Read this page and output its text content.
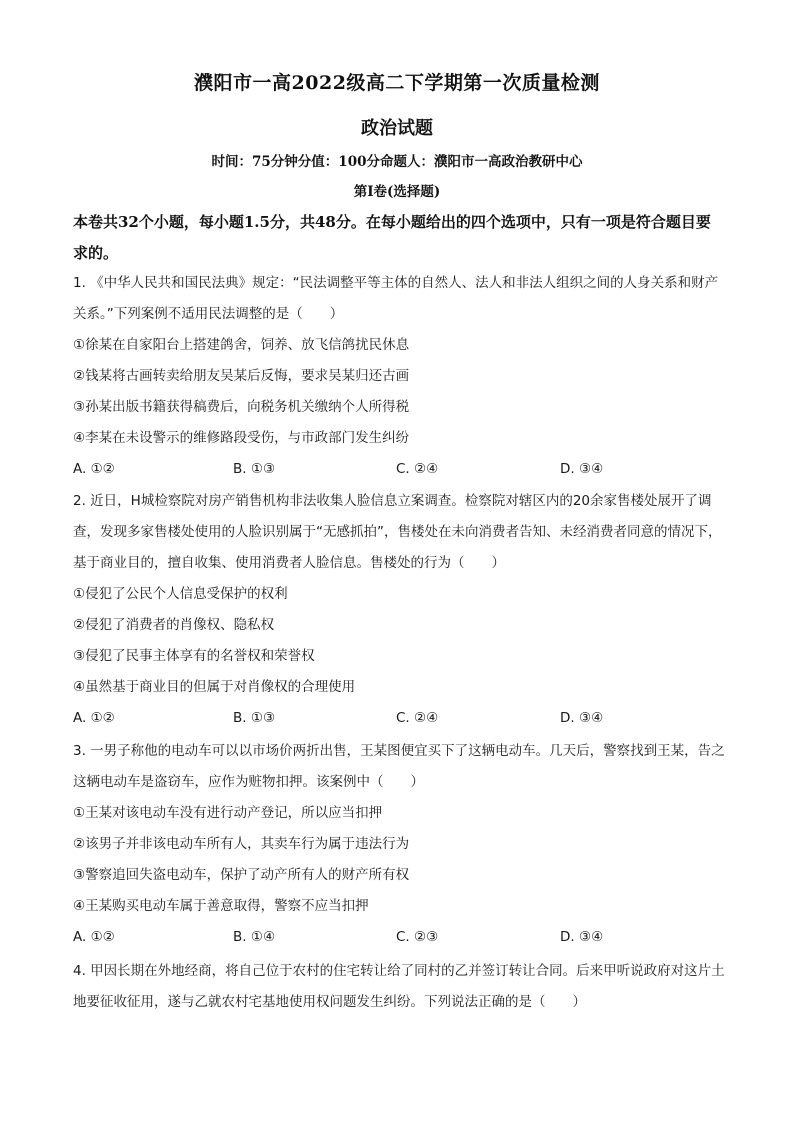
濮阳市一高2022级高二下学期第一次质量检测
政治试题
时间：75分钟分值：100分命题人：濮阳市一高政治教研中心
第Ⅰ卷(选择题)
本卷共32个小题，每小题1.5分，共48分。在每小题给出的四个选项中，只有一项是符合题目要求的。

1. 《中华人民共和国民法典》规定：“民法调整平等主体的自然人、法人和非法人组织之间的人身关系和财产关系。”下列案例不适用民法调整的是（　　）

①徐某在自家阳台上搭建鸽舍，饲养、放飞信鸽扰民休息
②钱某将古画转卖给朋友吴某后反悔，要求吴某归还古画
③孙某出版书籍获得稿费后，向税务机关缴纳个人所得税
④李某在未设警示的维修路段受伤，与市政部门发生纠纷
A. ①②	B. ①③	C. ②④	D. ③④

2. 近日，H城检察院对房产销售机构非法收集人脸信息立案调查。检察院对辖区内的20余家售楼处展开了调查，发现多家售楼处使用的人脸识别属于“无感抓拍”，售楼处在未向消费者告知、未经消费者同意的情况下，基于商业目的，擅自收集、使用消费者人脸信息。售楼处的行为（　　）

①侵犯了公民个人信息受保护的权利
②侵犯了消费者的肖像权、隐私权
③侵犯了民事主体享有的名誉权和荣誉权
④虽然基于商业目的但属于对肖像权的合理使用
A. ①②	B. ①③	C. ②④	D. ③④

3. 一男子称他的电动车可以以市场价两折出售，王某图便宜买下了这辆电动车。几天后，警察找到王某，告之这辆电动车是盗窃车，应作为赃物扣押。该案例中（　　）

①王某对该电动车没有进行动产登记，所以应当扣押
②该男子并非该电动车所有人，其卖车行为属于违法行为
③警察追回失盗电动车，保护了动产所有人的财产所有权
④王某购买电动车属于善意取得，警察不应当扣押
A. ①②	B. ①④	C. ②③	D. ③④

4. 甲因长期在外地经商，将自己位于农村的住宅转让给了同村的乙并签订转让合同。后来甲听说政府对这片土地要征收征用，遂与乙就农村宅基地使用权问题发生纠纷。下列说法正确的是（　　）
